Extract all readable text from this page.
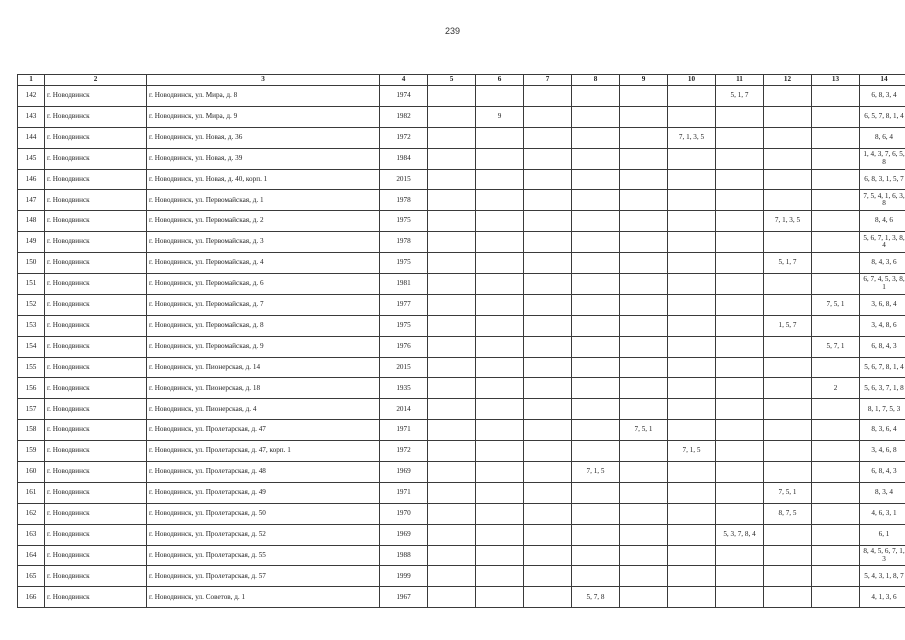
239
1	2	3	4	5	6	7	8	9	10	11	12	13	14
142	г. Новодвинск	г. Новодвинск, ул. Мира, д. 8	1974							5, 1, 7			6, 8, 3, 4
143	г. Новодвинск	г. Новодвинск, ул. Мира, д. 9	1982		9								6, 5, 7, 8, 1, 4
144	г. Новодвинск	г. Новодвинск, ул. Новая, д. 36	1972						7, 1, 3, 5				8, 6, 4
145	г. Новодвинск	г. Новодвинск, ул. Новая, д. 39	1984										1, 4, 3, 7, 6, 5, 8
146	г. Новодвинск	г. Новодвинск, ул. Новая, д. 40, корп. 1	2015										6, 8, 3, 1, 5, 7
147	г. Новодвинск	г. Новодвинск, ул. Первомайская, д. 1	1978										7, 5, 4, 1, 6, 3, 8
148	г. Новодвинск	г. Новодвинск, ул. Первомайская, д. 2	1975								7, 1, 3, 5		8, 4, 6
149	г. Новодвинск	г. Новодвинск, ул. Первомайская, д. 3	1978										5, 6, 7, 1, 3, 8, 4
150	г. Новодвинск	г. Новодвинск, ул. Первомайская, д. 4	1975								5, 1, 7		8, 4, 3, 6
151	г. Новодвинск	г. Новодвинск, ул. Первомайская, д. 6	1981										6, 7, 4, 5, 3, 8, 1
152	г. Новодвинск	г. Новодвинск, ул. Первомайская, д. 7	1977									7, 5, 1	3, 6, 8, 4
153	г. Новодвинск	г. Новодвинск, ул. Первомайская, д. 8	1975								1, 5, 7		3, 4, 8, 6
154	г. Новодвинск	г. Новодвинск, ул. Первомайская, д. 9	1976									5, 7, 1	6, 8, 4, 3
155	г. Новодвинск	г. Новодвинск, ул. Пионерская, д. 14	2015										5, 6, 7, 8, 1, 4
156	г. Новодвинск	г. Новодвинск, ул. Пионерская, д. 18	1935									2	5, 6, 3, 7, 1, 8
157	г. Новодвинск	г. Новодвинск, ул. Пионерская, д. 4	2014										8, 1, 7, 5, 3
158	г. Новодвинск	г. Новодвинск, ул. Пролетарская, д. 47	1971					7, 5, 1					8, 3, 6, 4
159	г. Новодвинск	г. Новодвинск, ул. Пролетарская, д. 47, корп. 1	1972						7, 1, 5				3, 4, 6, 8
160	г. Новодвинск	г. Новодвинск, ул. Пролетарская, д. 48	1969				7, 1, 5						6, 8, 4, 3
161	г. Новодвинск	г. Новодвинск, ул. Пролетарская, д. 49	1971								7, 5, 1		8, 3, 4
162	г. Новодвинск	г. Новодвинск, ул. Пролетарская, д. 50	1970								8, 7, 5		4, 6, 3, 1
163	г. Новодвинск	г. Новодвинск, ул. Пролетарская, д. 52	1969							5, 3, 7, 8, 4			6, 1
164	г. Новодвинск	г. Новодвинск, ул. Пролетарская, д. 55	1988										8, 4, 5, 6, 7, 1, 3
165	г. Новодвинск	г. Новодвинск, ул. Пролетарская, д. 57	1999										5, 4, 3, 1, 8, 7
166	г. Новодвинск	г. Новодвинск, ул. Советов, д. 1	1967				5, 7, 8						4, 1, 3, 6
